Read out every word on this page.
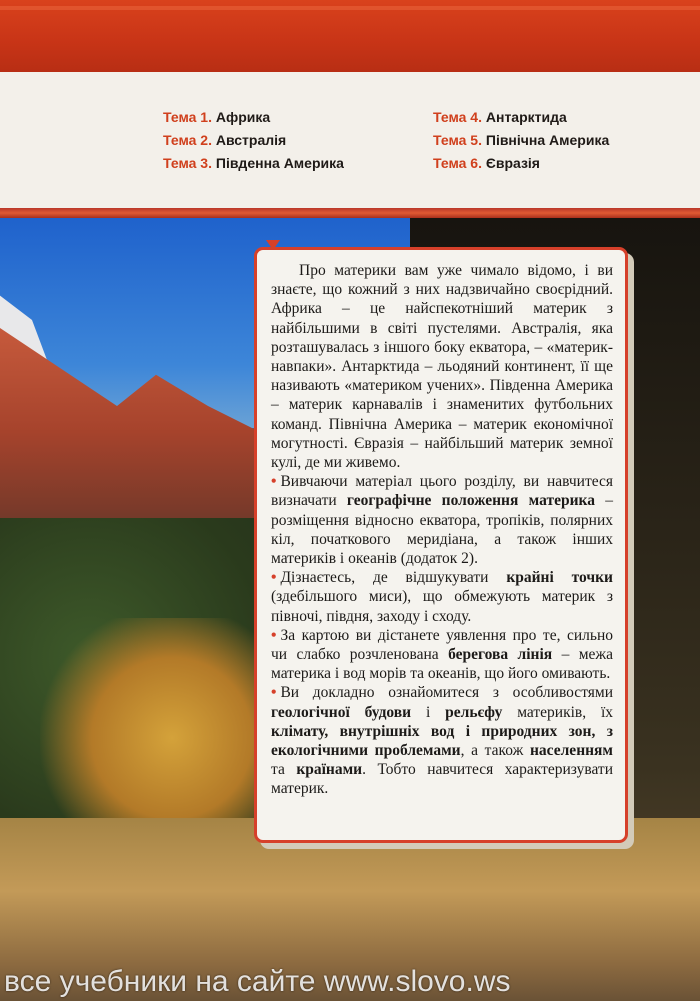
Тема 1. Африка
Тема 2. Австралія
Тема 3. Південна Америка
Тема 4. Антарктида
Тема 5. Північна Америка
Тема 6. Євразія

Про материки вам уже чимало відомо, і ви знаєте, що кожний з них надзвичайно своєрідний. Африка – це найспекотніший материк з найбільшими в світі пустелями. Австралія, яка розташувалась з іншого боку екватора, – «материк-навпаки». Антарктида – льодяний континент, її ще називають «материком учених». Південна Америка – материк карнавалів і знаменитих футбольних команд. Північна Америка – материк економічної могутності. Євразія – найбільший материк земної кулі, де ми живемо.

• Вивчаючи матеріал цього розділу, ви навчитеся визначати географічне положення материка – розміщення відносно екватора, тропіків, полярних кіл, початкового меридіана, а також інших материків і океанів (додаток 2).

• Дізнаєтесь, де відшукувати крайні точки (здебільшого миси), що обмежують материк з півночі, півдня, заходу і сходу.

• За картою ви дістанете уявлення про те, сильно чи слабко розчленована берегова лінія – межа материка і вод морів та океанів, що його омивають.

• Ви докладно ознайомитеся з особливостями геологічної будови і рельєфу материків, їх клімату, внутрішніх вод і природних зон, з екологічними проблемами, а також населенням та країнами. Тобто навчитеся характеризувати материк.

все учебники на сайте www.slovo.ws
